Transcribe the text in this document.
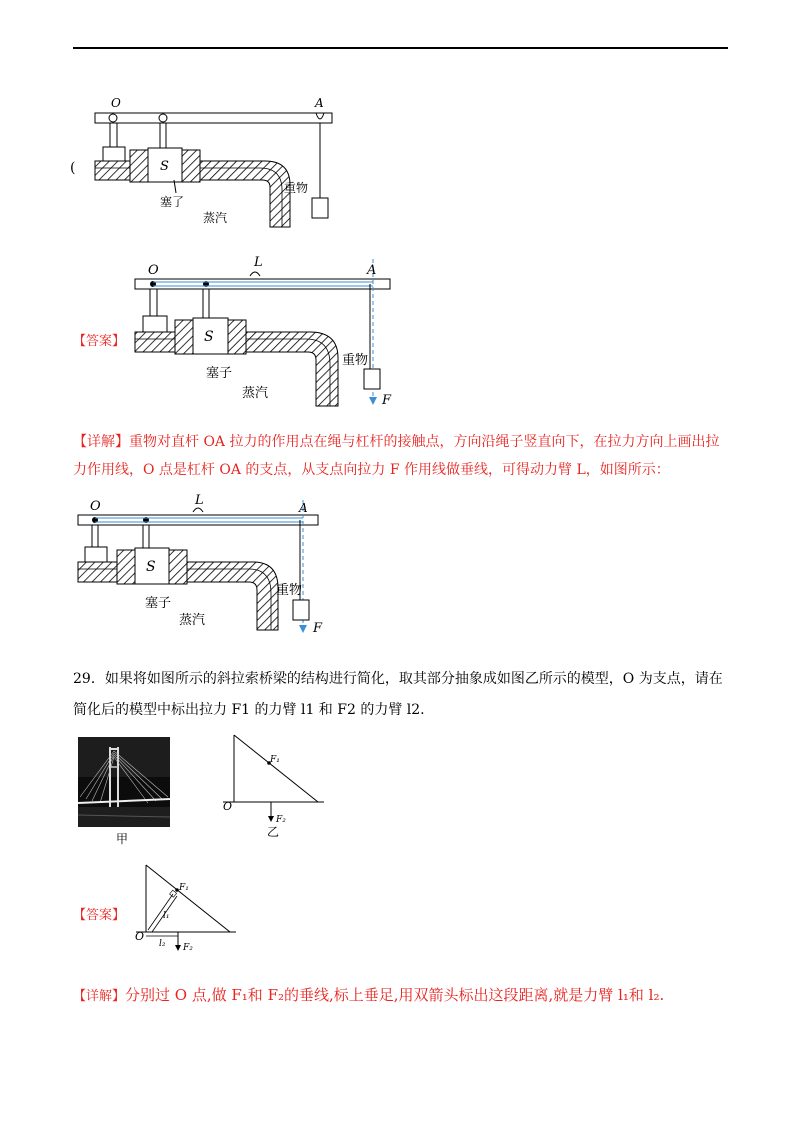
(
O	A
S
塞了
重物
蒸汽
【答案】
O
L
A
S
塞子
重物
蒸汽	F
【详解】重物对直杆 OA 拉力的作用点在绳与杠杆的接触点，方向沿绳子竖直向下，在拉力方向上画出拉
力作用线，O 点是杠杆 OA 的支点，从支点向拉力 F 作用线做垂线，可得动力臂 L，如图所示：
O	L	A
S
塞子
重物
蒸汽
F
29．如果将如图所示的斜拉索桥梁的结构进行简化，取其部分抽象成如图乙所示的模型，O 为支点，请在
简化后的模型中标出拉力 F1 的力臂 l1 和 F2 的力臂 l2.
甲
O
F₁
F₂
乙
【答案】
O
F₁
l₁
l₂ F₂
【详解】分别过 O 点,做 F₁和 F₂的垂线,标上垂足,用双箭头标出这段距离,就是力臂 l₁和 l₂.
